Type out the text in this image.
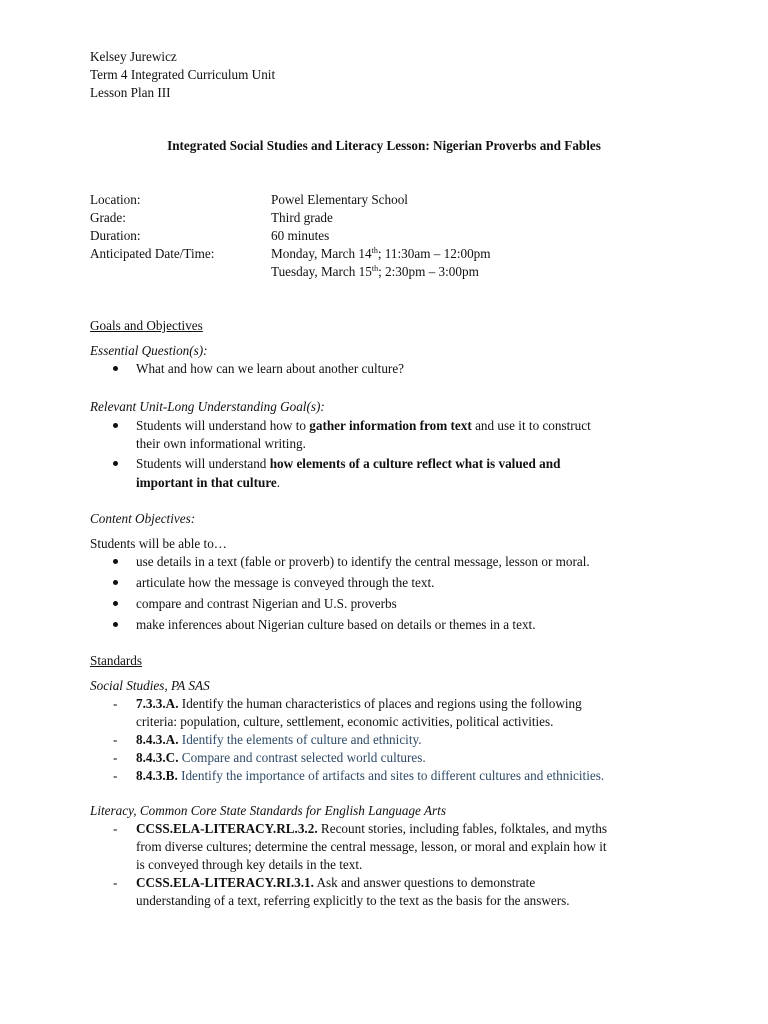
Kelsey Jurewicz
Term 4 Integrated Curriculum Unit
Lesson Plan III
Integrated Social Studies and Literacy Lesson: Nigerian Proverbs and Fables
Location:	Powel Elementary School
Grade:	Third grade
Duration:	60 minutes
Anticipated Date/Time:	Monday, March 14th; 11:30am – 12:00pm
Tuesday, March 15th; 2:30pm – 3:00pm
Goals and Objectives
Essential Question(s):
What and how can we learn about another culture?
Relevant Unit-Long Understanding Goal(s):
Students will understand how to gather information from text and use it to construct
their own informational writing.
Students will understand how elements of a culture reflect what is valued and
important in that culture.
Content Objectives:
Students will be able to…
use details in a text (fable or proverb) to identify the central message, lesson or moral.
articulate how the message is conveyed through the text.
compare and contrast Nigerian and U.S. proverbs
make inferences about Nigerian culture based on details or themes in a text.
Standards
Social Studies, PA SAS
- 7.3.3.A. Identify the human characteristics of places and regions using the following
criteria: population, culture, settlement, economic activities, political activities.
- 8.4.3.A. Identify the elements of culture and ethnicity.
- 8.4.3.C. Compare and contrast selected world cultures.
- 8.4.3.B. Identify the importance of artifacts and sites to different cultures and ethnicities.
Literacy, Common Core State Standards for English Language Arts
- CCSS.ELA-LITERACY.RL.3.2. Recount stories, including fables, folktales, and myths
from diverse cultures; determine the central message, lesson, or moral and explain how it
is conveyed through key details in the text.
- CCSS.ELA-LITERACY.RI.3.1. Ask and answer questions to demonstrate
understanding of a text, referring explicitly to the text as the basis for the answers.
